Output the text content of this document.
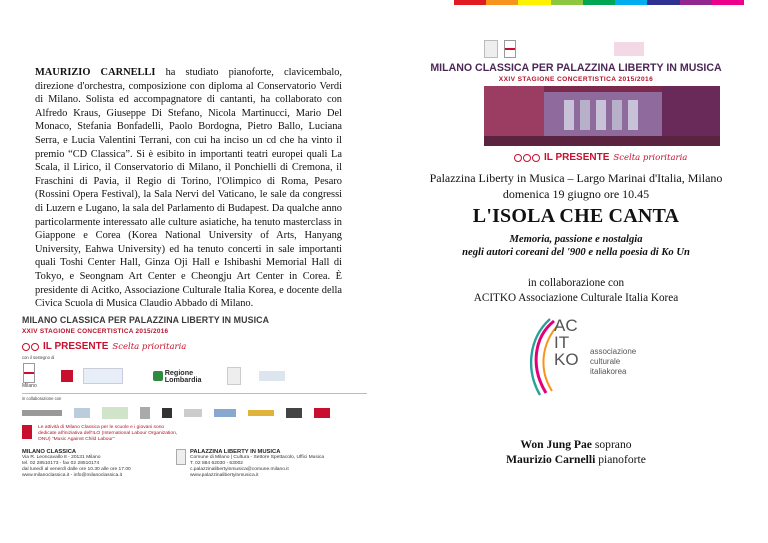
MAURIZIO CARNELLI ha studiato pianoforte, clavicembalo, direzione d'orchestra, composizione con diploma al Conservatorio Verdi di Milano. Solista ed accompagnatore di cantanti, ha collaborato con Alfredo Kraus, Giuseppe Di Stefano, Nicola Martinucci, Mario Del Monaco, Stefania Bonfadelli, Paolo Bordogna, Pietro Ballo, Luciana Serra, e Lucia Valentini Terrani, con cui ha inciso un cd che ha vinto il premio “CD Classica”. Si è esibito in importanti teatri europei quali La Scala, il Lirico, il Conservatorio di Milano, il Ponchielli di Cremona, il Fraschini di Pavia, il Regio di Torino, l'Olimpico di Roma, Pesaro (Rossini Opera Festival), la Sala Nervi del Vaticano, le sale da congressi di Luzern e Lugano, la sala del Parlamento di Budapest. Da qualche anno particolarmente interessato alle culture asiatiche, ha tenuto masterclass in Giappone e Corea (Korea National University of Arts, Hanyang University, Eahwa University) ed ha tenuto concerti in sale importanti quali Toshi Center Hall, Ginza Oji Hall e Ishibashi Memorial Hall di Tokyo, e Seongnam Art Center e Cheongju Art Center in Corea. È presidente di Acitko, Associazione Culturale Italia Korea, e docente della Civica Scuola di Musica Claudio Abbado di Milano.
MILANO CLASSICA PER PALAZZINA LIBERTY IN MUSICA
XXIV STAGIONE CONCERTISTICA 2015/2016
IL PRESENTE Scelta prioritaria
con il sostegno di
Milano
Regione Lombardia
in collaborazione con
Le attività di Milano Classica per le scuole e i giovani sono dedicate all'iniziativa dell'ILO (International Labour Organization, ONU) "Music Against Child Labour"
MILANO CLASSICA
Via R. Leoncavallo 8 - 20131 Milano
tel. 02 28510173 - fax 02 28510174
dal lunedì al venerdì dalle ore 10.30 alle ore 17.00
www.milanoclassica.it - info@milanoclassica.it
PALAZZINA LIBERTY IN MUSICA
Comune di Milano | Cultura - Settore Spettacolo, Uffici Musica
T. 02 884 62030 - 63002
c.palazzinalibertyinmusica@comune.milano.it
www.palazzinalibertyinmusica.it
MILANO CLASSICA PER PALAZZINA LIBERTY IN MUSICA
XXIV STAGIONE CONCERTISTICA 2015/2016
IL PRESENTE Scelta prioritaria
Palazzina Liberty in Musica – Largo Marinai d'Italia, Milano
domenica 19 giugno ore 10.45
L'ISOLA CHE CANTA
Memoria, passione e nostalgia
negli autori coreani del '900 e nella poesia di Ko Un
in collaborazione con
ACITKO Associazione Culturale Italia Korea
AC
IT
KO associazione
culturale
italiakorea
Won Jung Pae soprano
Maurizio Carnelli pianoforte
